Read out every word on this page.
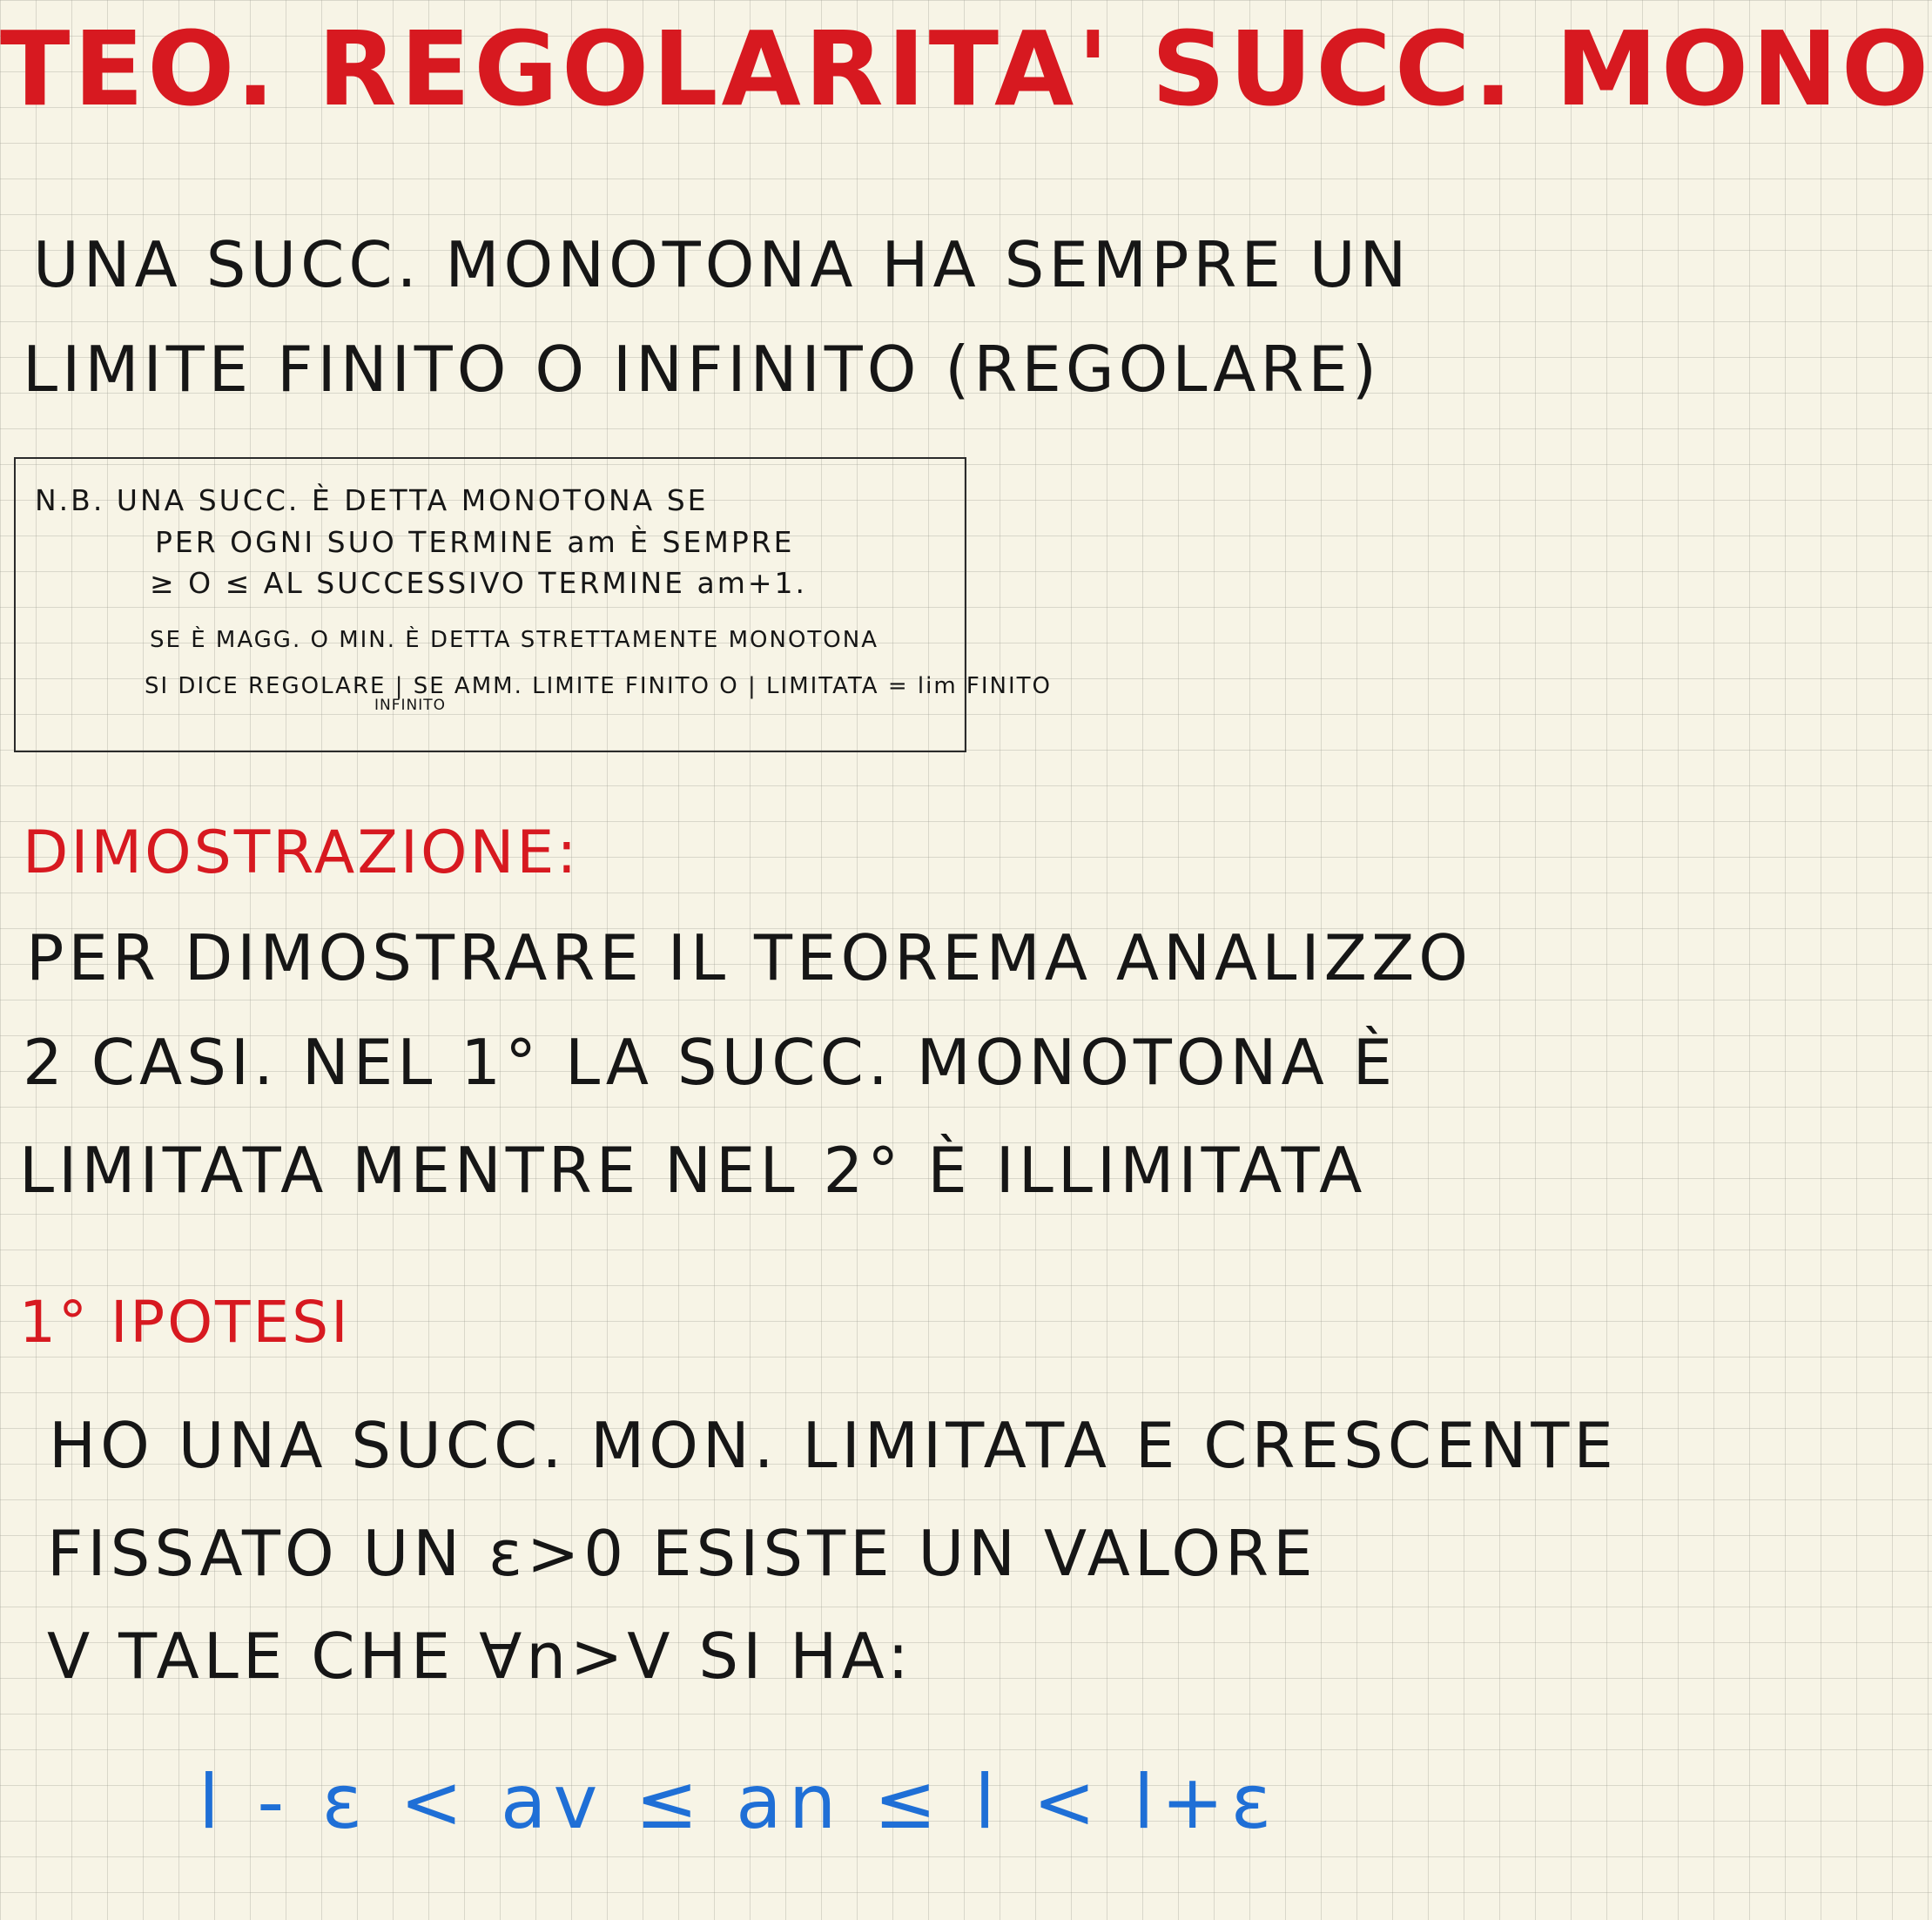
TEO. REGOLARITA' SUCC. MONO
UNA SUCC. MONOTONA HA SEMPRE UN
LIMITE FINITO O INFINITO (REGOLARE)
N.B. UNA SUCC. È DETTA MONOTONA SE
PER OGNI SUO TERMINE am È SEMPRE
≥ O ≤ AL SUCCESSIVO TERMINE am+1.
SE È MAGG. O MIN. È DETTA STRETTAMENTE MONOTONA
SI DICE REGOLARE | SE AMM. LIMITE FINITO O | LIMITATA = lim FINITO
INFINITO
DIMOSTRAZIONE:
PER DIMOSTRARE IL TEOREMA ANALIZZO
2 CASI. NEL 1° LA SUCC. MONOTONA È
LIMITATA MENTRE NEL 2° È ILLIMITATA
1° IPOTESI
HO UNA SUCC. MON. LIMITATA E CRESCENTE
FISSATO UN ε>0 ESISTE UN VALORE
V TALE CHE ∀n>V SI HA:
l - ε < av ≤ an ≤ l < l+ε
